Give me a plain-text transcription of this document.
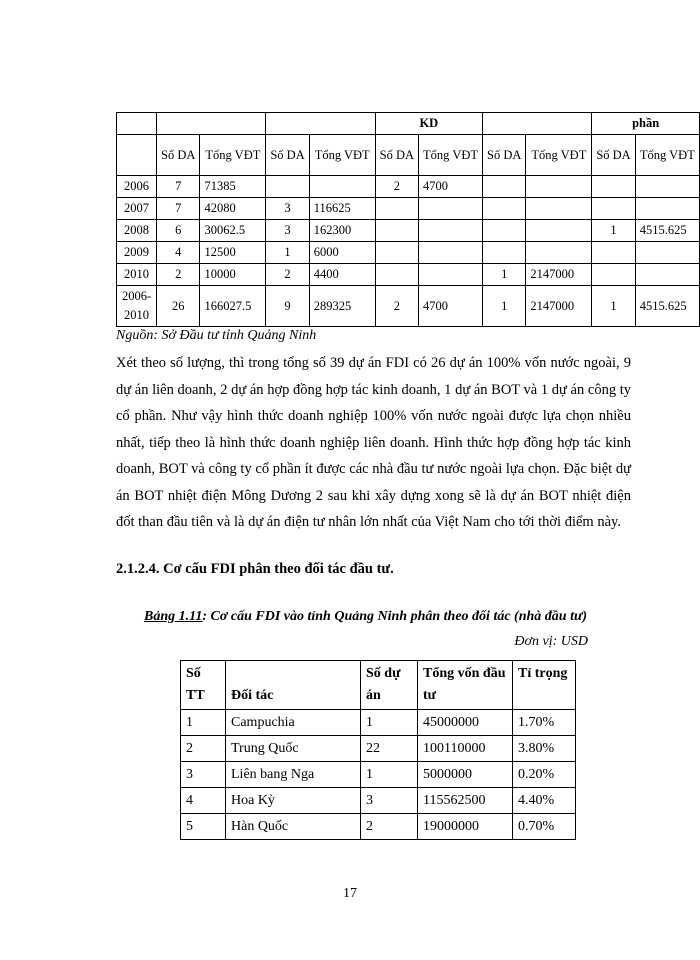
					KD				phần	
	Số DA	Tổng VĐT	Số DA	Tổng VĐT	Số DA	Tổng VĐT	Số DA	Tổng VĐT	Số DA	Tổng VĐT
2006	7	71385			2	4700				
2007	7	42080	3	116625						
2008	6	30062.5	3	162300					1	4515.625
2009	4	12500	1	6000						
2010	2	10000	2	4400			1	2147000		
2006-2010	26	166027.5	9	289325	2	4700	1	2147000	1	4515.625
Nguồn: Sở Đầu tư tỉnh Quảng Ninh
Xét theo số lượng, thì trong tổng số 39 dự án FDI có 26 dự án 100% vốn nước ngoài, 9 dự án liên doanh, 2 dự án hợp đồng hợp tác kinh doanh, 1 dự án BOT và 1 dự án công ty cổ phần. Như vậy hình thức doanh nghiệp 100% vốn nước ngoài được lựa chọn nhiều nhất, tiếp theo là hình thức doanh nghiệp liên doanh. Hình thức hợp đồng hợp tác kinh doanh, BOT và công ty cổ phần ít được các nhà đầu tư nước ngoài lựa chọn. Đặc biệt dự án BOT nhiệt điện Mông Dương 2 sau khi xây dựng xong sẽ là dự án BOT nhiệt điện đốt than đầu tiên và là dự án điện tư nhân lớn nhất của Việt Nam cho tới thời điểm này.
2.1.2.4. Cơ cấu FDI phân theo đối tác đầu tư.
Bảng 1.11: Cơ cấu FDI vào tỉnh Quảng Ninh phân theo đối tác (nhà đầu tư)
Đơn vị: USD
Số TT	Đối tác	Số dự án	Tổng vốn đầu tư	Tỉ trọng
1	Campuchia	1	45000000	1.70%
2	Trung Quốc	22	100110000	3.80%
3	Liên bang Nga	1	5000000	0.20%
4	Hoa Kỳ	3	115562500	4.40%
5	Hàn Quốc	2	19000000	0.70%
17
